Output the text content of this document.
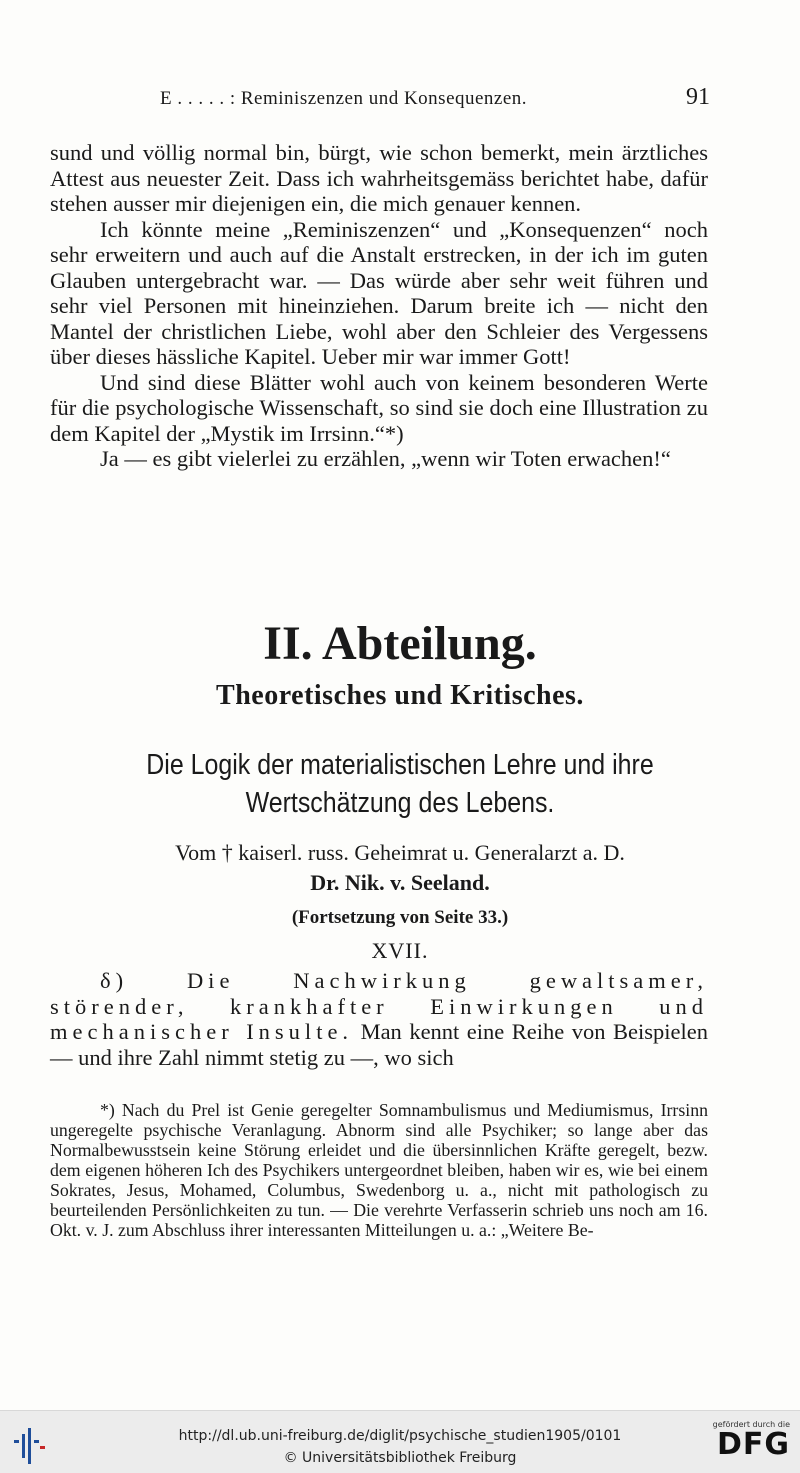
E . . . . . : Reminiszenzen und Konsequenzen.	91

sund und völlig normal bin, bürgt, wie schon bemerkt, mein ärztliches Attest aus neuester Zeit. Dass ich wahrheitsgemäss berichtet habe, dafür stehen ausser mir diejenigen ein, die mich genauer kennen.

Ich könnte meine „Reminiszenzen“ und „Konsequenzen“ noch sehr erweitern und auch auf die Anstalt erstrecken, in der ich im guten Glauben untergebracht war. — Das würde aber sehr weit führen und sehr viel Personen mit hineinziehen. Darum breite ich — nicht den Mantel der christlichen Liebe, wohl aber den Schleier des Vergessens über dieses hässliche Kapitel. Ueber mir war immer Gott!

Und sind diese Blätter wohl auch von keinem besonderen Werte für die psychologische Wissenschaft, so sind sie doch eine Illustration zu dem Kapitel der „Mystik im Irrsinn.“*)

Ja — es gibt vielerlei zu erzählen, „wenn wir Toten erwachen!“

II. Abteilung.
Theoretisches und Kritisches.
Die Logik der materialistischen Lehre und ihre
Wertschätzung des Lebens.
Vom † kaiserl. russ. Geheimrat u. Generalarzt a. D.
Dr. Nik. v. Seeland.
(Fortsetzung von Seite 33.)
XVII.

δ) Die Nachwirkung gewaltsamer, störender, krankhafter Einwirkungen und mechanischer Insulte. Man kennt eine Reihe von Beispielen — und ihre Zahl nimmt stetig zu —, wo sich

*) Nach du Prel ist Genie geregelter Somnambulismus und Mediumismus, Irrsinn ungeregelte psychische Veranlagung. Abnorm sind alle Psychiker; so lange aber das Normalbewusstsein keine Störung erleidet und die übersinnlichen Kräfte geregelt, bezw. dem eigenen höheren Ich des Psychikers untergeordnet bleiben, haben wir es, wie bei einem Sokrates, Jesus, Mohamed, Columbus, Swedenborg u. a., nicht mit pathologisch zu beurteilenden Persönlichkeiten zu tun. — Die verehrte Verfasserin schrieb uns noch am 16. Okt. v. J. zum Abschluss ihrer interessanten Mitteilungen u. a.: „Weitere Be-

http://dl.ub.uni-freiburg.de/diglit/psychische_studien1905/0101
© Universitätsbibliothek Freiburg
gefördert durch die
DFG
